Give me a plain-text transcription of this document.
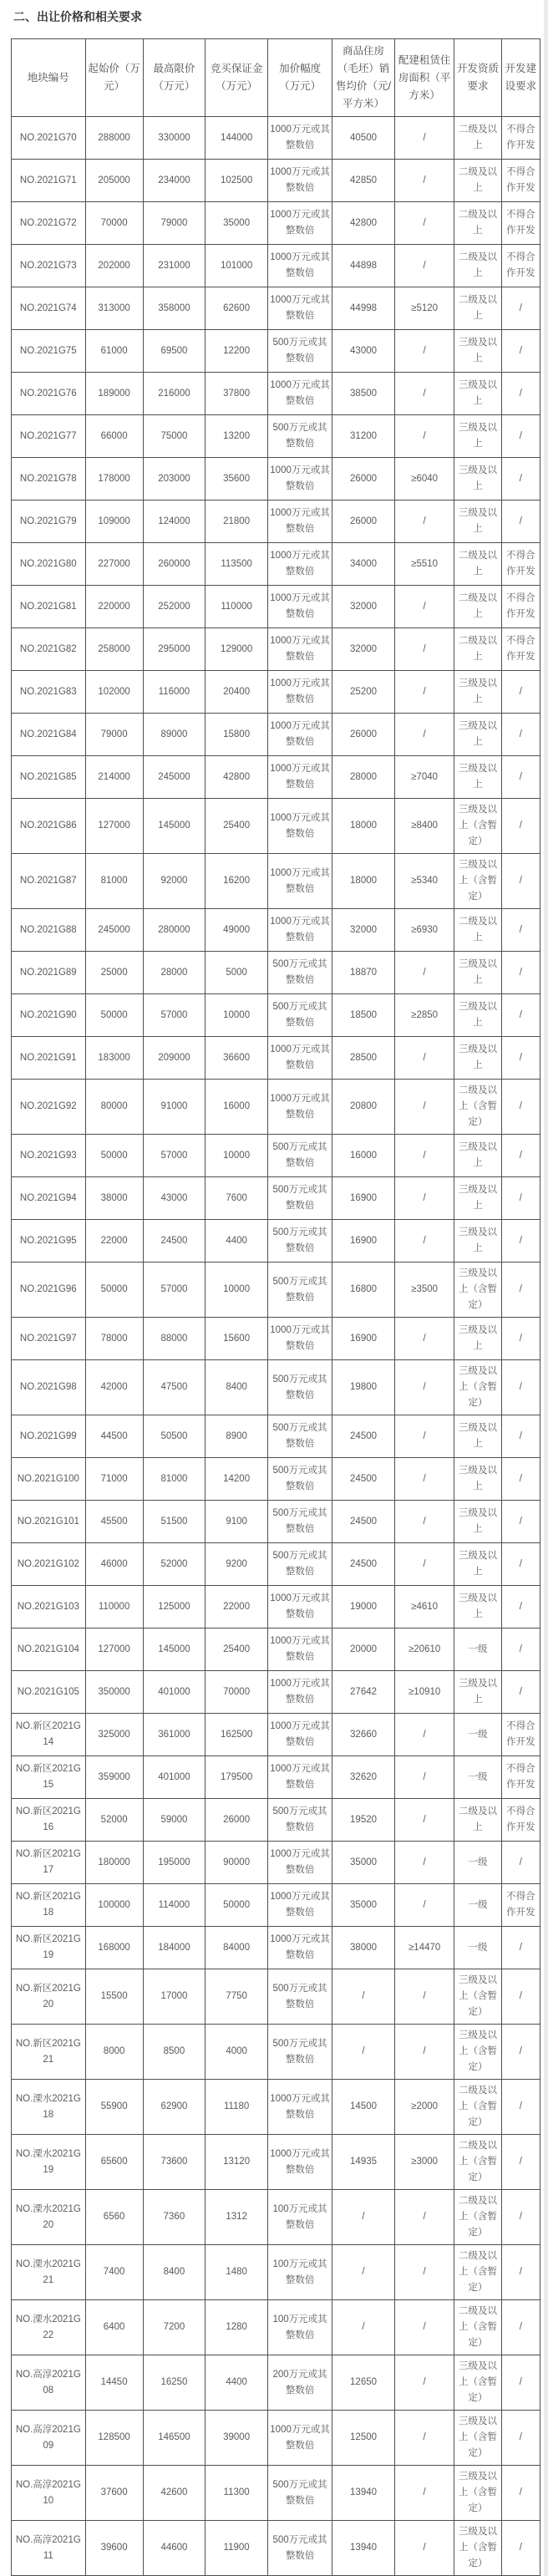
二、出让价格和相关要求
地块编号	起始价（万元）	最高限价（万元）	竞买保证金（万元）	加价幅度（万元）	商品住房（毛坯）销售均价（元/平方米）	配建租赁住房面积（平方米）	开发资质要求	开发建设要求
NO.2021G70	288000	330000	144000	1000万元或其整数倍	40500	/	二级及以上	不得合作开发
NO.2021G71	205000	234000	102500	1000万元或其整数倍	42850	/	二级及以上	不得合作开发
NO.2021G72	70000	79000	35000	1000万元或其整数倍	42800	/	二级及以上	不得合作开发
NO.2021G73	202000	231000	101000	1000万元或其整数倍	44898	/	二级及以上	不得合作开发
NO.2021G74	313000	358000	62600	1000万元或其整数倍	44998	≥5120	二级及以上	/
NO.2021G75	61000	69500	12200	500万元或其整数倍	43000	/	三级及以上	/
NO.2021G76	189000	216000	37800	1000万元或其整数倍	38500	/	三级及以上	/
NO.2021G77	66000	75000	13200	500万元或其整数倍	31200	/	三级及以上	/
NO.2021G78	178000	203000	35600	1000万元或其整数倍	26000	≥6040	三级及以上	/
NO.2021G79	109000	124000	21800	1000万元或其整数倍	26000	/	三级及以上	/
NO.2021G80	227000	260000	113500	1000万元或其整数倍	34000	≥5510	二级及以上	不得合作开发
NO.2021G81	220000	252000	110000	1000万元或其整数倍	32000	/	二级及以上	不得合作开发
NO.2021G82	258000	295000	129000	1000万元或其整数倍	32000	/	二级及以上	不得合作开发
NO.2021G83	102000	116000	20400	1000万元或其整数倍	25200	/	三级及以上	/
NO.2021G84	79000	89000	15800	1000万元或其整数倍	26000	/	三级及以上	/
NO.2021G85	214000	245000	42800	1000万元或其整数倍	28000	≥7040	三级及以上	/
NO.2021G86	127000	145000	25400	1000万元或其整数倍	18000	≥8400	三级及以上（含暂定）	/
NO.2021G87	81000	92000	16200	1000万元或其整数倍	18000	≥5340	三级及以上（含暂定）	/
NO.2021G88	245000	280000	49000	1000万元或其整数倍	32000	≥6930	二级及以上	/
NO.2021G89	25000	28000	5000	500万元或其整数倍	18870	/	三级及以上	/
NO.2021G90	50000	57000	10000	500万元或其整数倍	18500	≥2850	三级及以上	/
NO.2021G91	183000	209000	36600	1000万元或其整数倍	28500	/	三级及以上	/
NO.2021G92	80000	91000	16000	1000万元或其整数倍	20800	/	二级及以上（含暂定）	/
NO.2021G93	50000	57000	10000	500万元或其整数倍	16000	/	三级及以上	/
NO.2021G94	38000	43000	7600	500万元或其整数倍	16900	/	三级及以上	/
NO.2021G95	22000	24500	4400	500万元或其整数倍	16900	/	三级及以上	/
NO.2021G96	50000	57000	10000	500万元或其整数倍	16800	≥3500	三级及以上（含暂定）	/
NO.2021G97	78000	88000	15600	1000万元或其整数倍	16900	/	三级及以上	/
NO.2021G98	42000	47500	8400	500万元或其整数倍	19800	/	三级及以上（含暂定）	/
NO.2021G99	44500	50500	8900	500万元或其整数倍	24500	/	三级及以上	/
NO.2021G100	71000	81000	14200	500万元或其整数倍	24500	/	三级及以上	/
NO.2021G101	45500	51500	9100	500万元或其整数倍	24500	/	三级及以上	/
NO.2021G102	46000	52000	9200	500万元或其整数倍	24500	/	三级及以上	/
NO.2021G103	110000	125000	22000	1000万元或其整数倍	19000	≥4610	三级及以上	/
NO.2021G104	127000	145000	25400	1000万元或其整数倍	20000	≥20610	一级	/
NO.2021G105	350000	401000	70000	1000万元或其整数倍	27642	≥10910	三级及以上	/
NO.新区2021G14	325000	361000	162500	1000万元或其整数倍	32660	/	一级	不得合作开发
NO.新区2021G15	359000	401000	179500	1000万元或其整数倍	32620	/	一级	不得合作开发
NO.新区2021G16	52000	59000	26000	500万元或其整数倍	19520	/	二级及以上	不得合作开发
NO.新区2021G17	180000	195000	90000	1000万元或其整数倍	35000	/	一级	/
NO.新区2021G18	100000	114000	50000	1000万元或其整数倍	35000	/	一级	不得合作开发
NO.新区2021G19	168000	184000	84000	1000万元或其整数倍	38000	≥14470	一级	/
NO.新区2021G20	15500	17000	7750	500万元或其整数倍	/	/	三级及以上（含暂定）	/
NO.新区2021G21	8000	8500	4000	500万元或其整数倍	/	/	三级及以上（含暂定）	/
NO.溧水2021G18	55900	62900	11180	1000万元或其整数倍	14500	≥2000	二级及以上（含暂定）	/
NO.溧水2021G19	65600	73600	13120	1000万元或其整数倍	14935	≥3000	二级及以上（含暂定）	/
NO.溧水2021G20	6560	7360	1312	100万元或其整数倍	/	/	二级及以上（含暂定）	/
NO.溧水2021G21	7400	8400	1480	100万元或其整数倍	/	/	二级及以上（含暂定）	/
NO.溧水2021G22	6400	7200	1280	100万元或其整数倍	/	/	二级及以上（含暂定）	/
NO.高淳2021G08	14450	16250	4400	200万元或其整数倍	12650	/	三级及以上（含暂定）	/
NO.高淳2021G09	128500	146500	39000	1000万元或其整数倍	12500	/	三级及以上（含暂定）	/
NO.高淳2021G10	37600	42600	11300	500万元或其整数倍	13940	/	三级及以上（含暂定）	/
NO.高淳2021G11	39600	44600	11900	500万元或其整数倍	13940	/	三级及以上（含暂定）	/
